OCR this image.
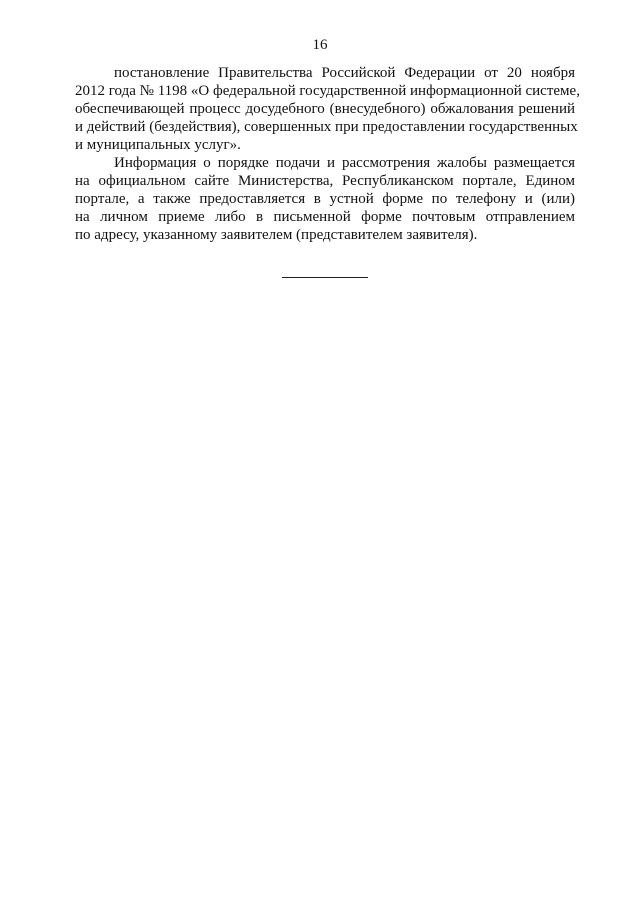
16
постановление Правительства Российской Федерации от 20 ноября
2012 года № 1198 «О федеральной государственной информационной системе,
обеспечивающей процесс досудебного (внесудебного) обжалования решений
и действий (бездействия), совершенных при предоставлении государственных
и муниципальных услуг».
Информация о порядке подачи и рассмотрения жалобы размещается
на официальном сайте Министерства, Республиканском портале, Едином
портале, а также предоставляется в устной форме по телефону и (или)
на личном приеме либо в письменной форме почтовым отправлением
по адресу, указанному заявителем (представителем заявителя).
